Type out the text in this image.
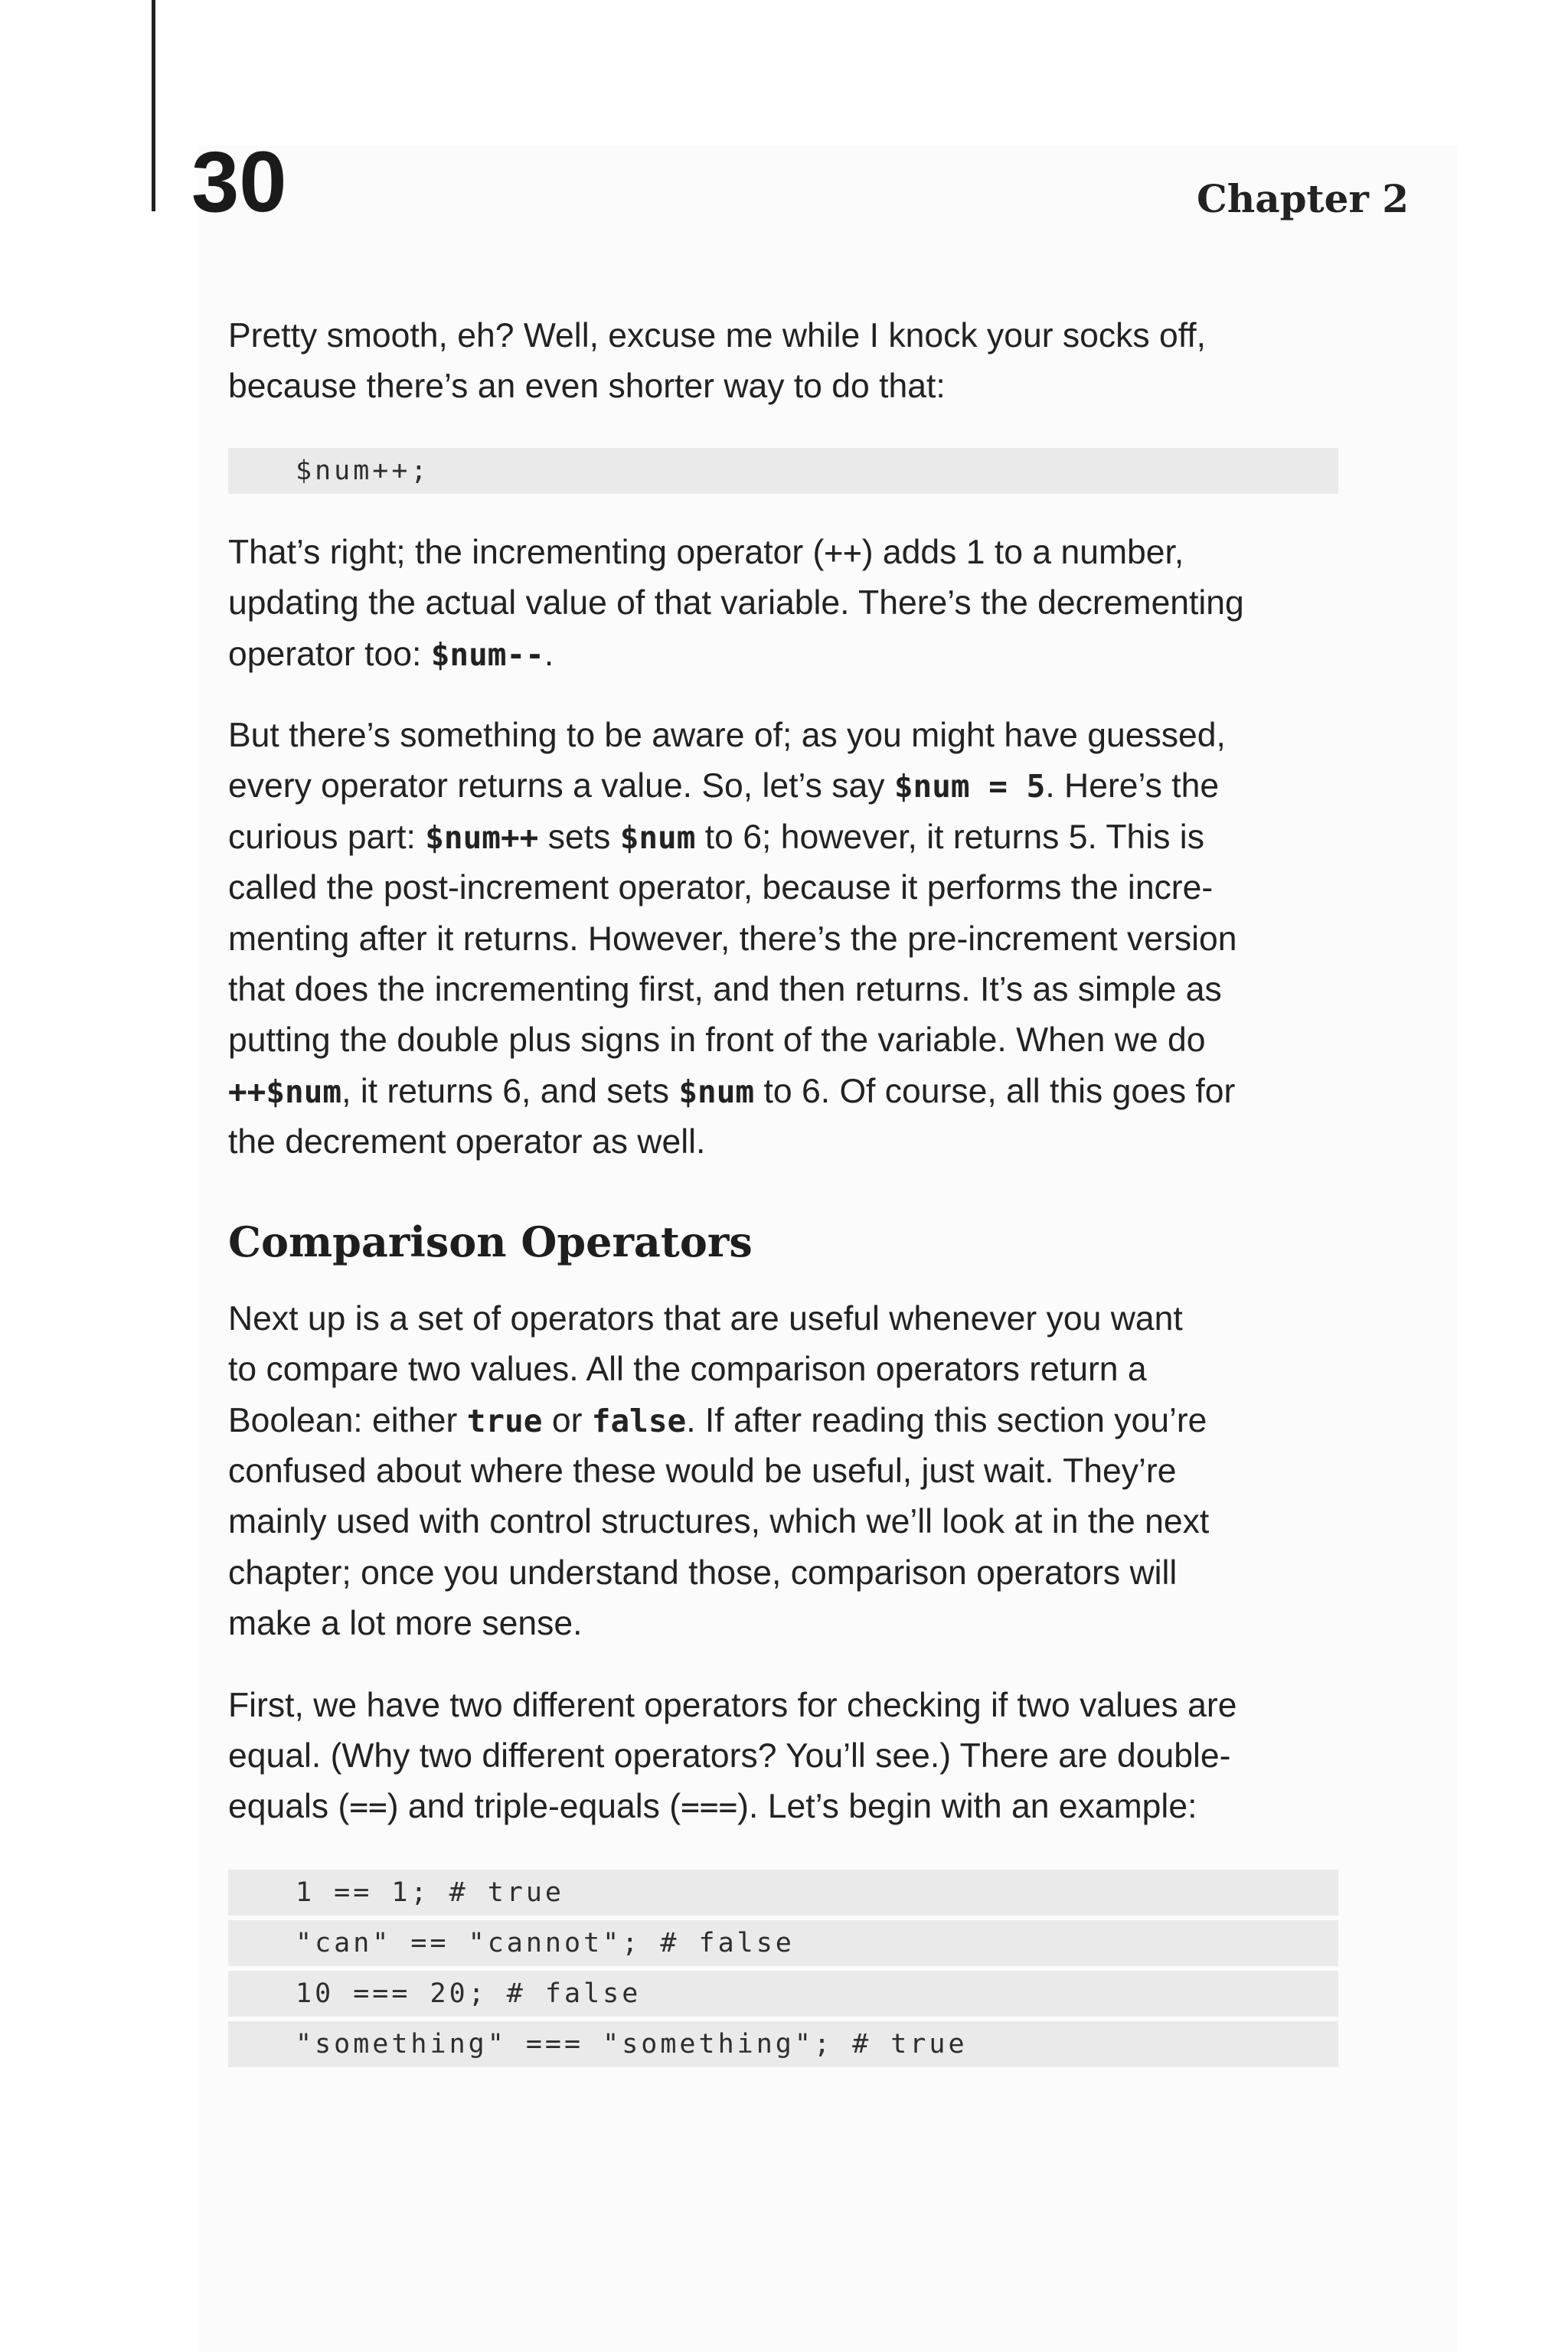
30	Chapter 2

Pretty smooth, eh? Well, excuse me while I knock your socks off,
because there’s an even shorter way to do that:

$num++;

That’s right; the incrementing operator (++) adds 1 to a number,
updating the actual value of that variable. There’s the decrementing
operator too: $num--.

But there’s something to be aware of; as you might have guessed,
every operator returns a value. So, let’s say $num = 5. Here’s the
curious part: $num++ sets $num to 6; however, it returns 5. This is
called the post-increment operator, because it performs the incre-
menting after it returns. However, there’s the pre-increment version
that does the incrementing first, and then returns. It’s as simple as
putting the double plus signs in front of the variable. When we do
++$num, it returns 6, and sets $num to 6. Of course, all this goes for
the decrement operator as well.

Comparison Operators

Next up is a set of operators that are useful whenever you want
to compare two values. All the comparison operators return a
Boolean: either true or false. If after reading this section you’re
confused about where these would be useful, just wait. They’re
mainly used with control structures, which we’ll look at in the next
chapter; once you understand those, comparison operators will
make a lot more sense.

First, we have two different operators for checking if two values are
equal. (Why two different operators? You’ll see.) There are double-
equals (==) and triple-equals (===). Let’s begin with an example:

1 == 1; # true
"can" == "cannot"; # false
10 === 20; # false
"something" === "something"; # true
